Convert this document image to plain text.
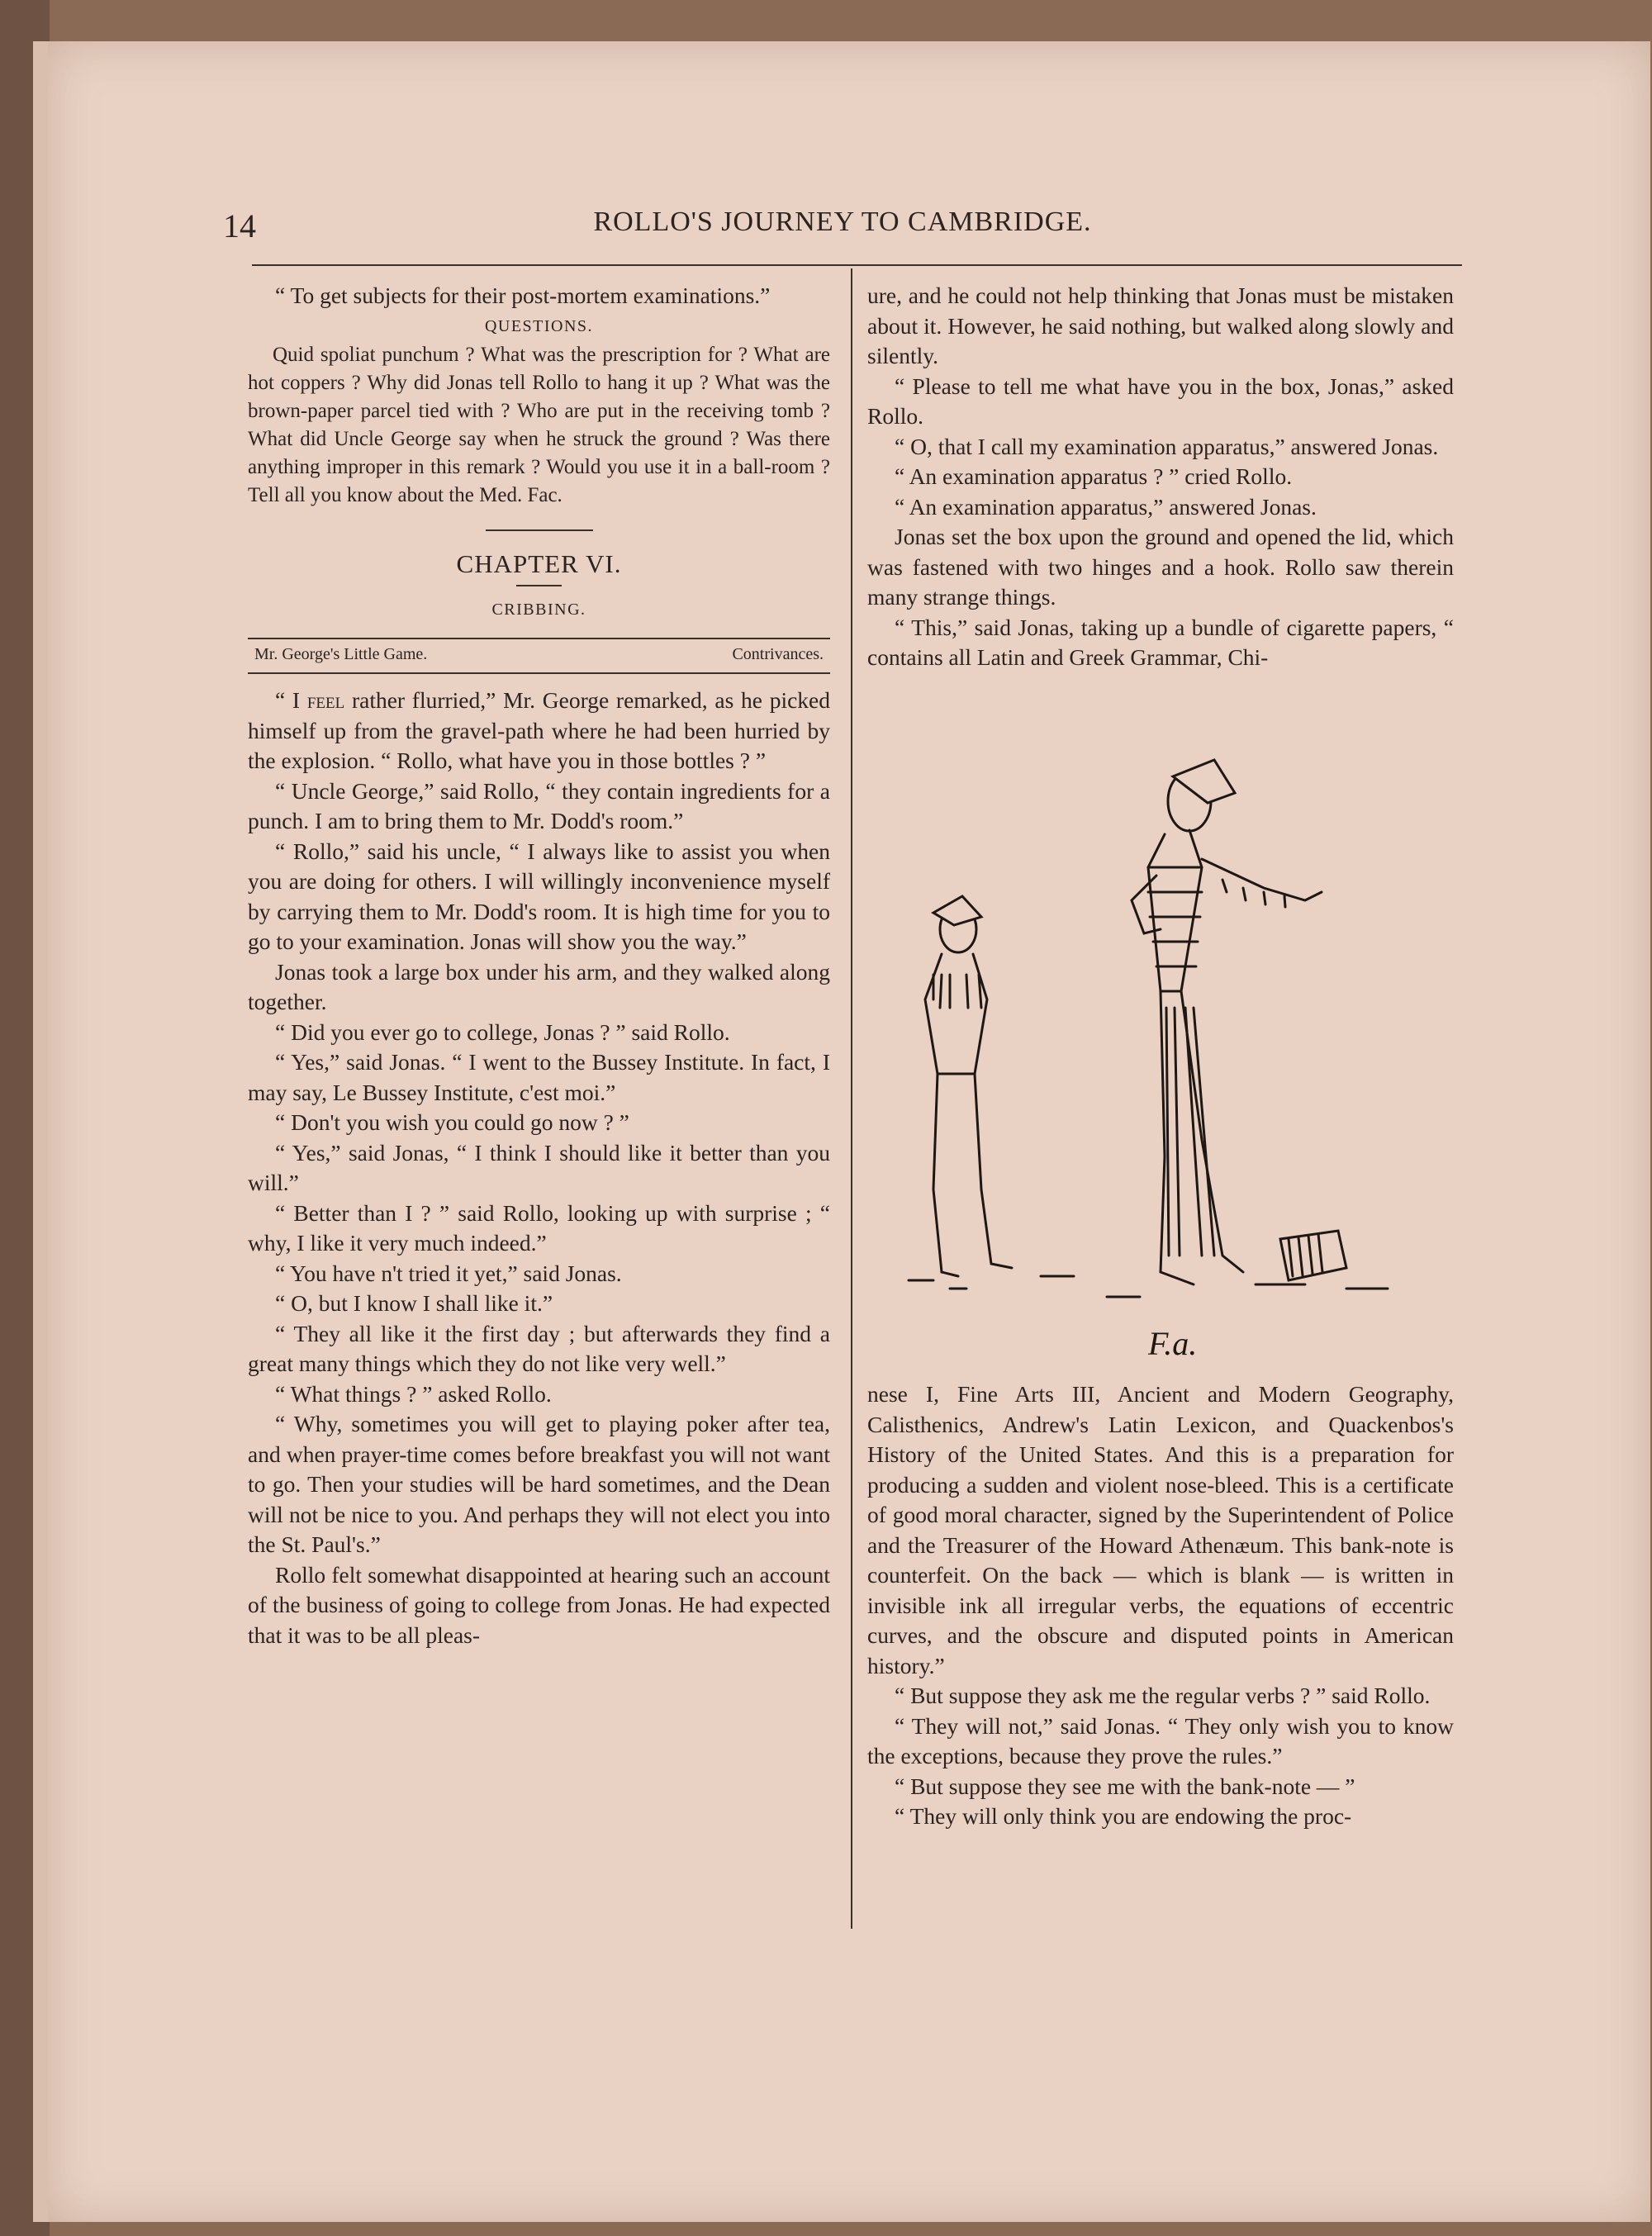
14	ROLLO'S JOURNEY TO CAMBRIDGE.

“ To get subjects for their post-mortem examinations.”

QUESTIONS.

Quid spoliat punchum ? What was the prescription for ? What are hot coppers ? Why did Jonas tell Rollo to hang it up ? What was the brown-paper parcel tied with ? Who are put in the receiving tomb ? What did Uncle George say when he struck the ground ? Was there anything improper in this remark ? Would you use it in a ball-room ? Tell all you know about the Med. Fac.

CHAPTER VI.

CRIBBING.

Mr. George's Little Game.	Contrivances.

“ I feel rather flurried,” Mr. George remarked, as he picked himself up from the gravel-path where he had been hurried by the explosion. “ Rollo, what have you in those bottles ? ”

“ Uncle George,” said Rollo, “ they contain ingredients for a punch. I am to bring them to Mr. Dodd's room.”

“ Rollo,” said his uncle, “ I always like to assist you when you are doing for others. I will willingly inconvenience myself by carrying them to Mr. Dodd's room. It is high time for you to go to your examination. Jonas will show you the way.”

Jonas took a large box under his arm, and they walked along together.

“ Did you ever go to college, Jonas ? ” said Rollo.

“ Yes,” said Jonas. “ I went to the Bussey Institute. In fact, I may say, Le Bussey Institute, c'est moi.”

“ Don't you wish you could go now ? ”

“ Yes,” said Jonas, “ I think I should like it better than you will.”

“ Better than I ? ” said Rollo, looking up with surprise ; “ why, I like it very much indeed.”

“ You have n't tried it yet,” said Jonas.

“ O, but I know I shall like it.”

“ They all like it the first day ; but afterwards they find a great many things which they do not like very well.”

“ What things ? ” asked Rollo.

“ Why, sometimes you will get to playing poker after tea, and when prayer-time comes before breakfast you will not want to go. Then your studies will be hard sometimes, and the Dean will not be nice to you. And perhaps they will not elect you into the St. Paul's.”

Rollo felt somewhat disappointed at hearing such an account of the business of going to college from Jonas. He had expected that it was to be all pleas-

ure, and he could not help thinking that Jonas must be mistaken about it. However, he said nothing, but walked along slowly and silently.

“ Please to tell me what have you in the box, Jonas,” asked Rollo.

“ O, that I call my examination apparatus,” answered Jonas.

“ An examination apparatus ? ” cried Rollo.

“ An examination apparatus,” answered Jonas.

Jonas set the box upon the ground and opened the lid, which was fastened with two hinges and a hook. Rollo saw therein many strange things.

“ This,” said Jonas, taking up a bundle of cigarette papers, “ contains all Latin and Greek Grammar, Chi-

F.a.

nese I, Fine Arts III, Ancient and Modern Geography, Calisthenics, Andrew's Latin Lexicon, and Quackenbos's History of the United States. And this is a preparation for producing a sudden and violent nose-bleed. This is a certificate of good moral character, signed by the Superintendent of Police and the Treasurer of the Howard Athenæum. This bank-note is counterfeit. On the back — which is blank — is written in invisible ink all irregular verbs, the equations of eccentric curves, and the obscure and disputed points in American history.”

“ But suppose they ask me the regular verbs ? ” said Rollo.

“ They will not,” said Jonas. “ They only wish you to know the exceptions, because they prove the rules.”

“ But suppose they see me with the bank-note — ”

“ They will only think you are endowing the proc-
